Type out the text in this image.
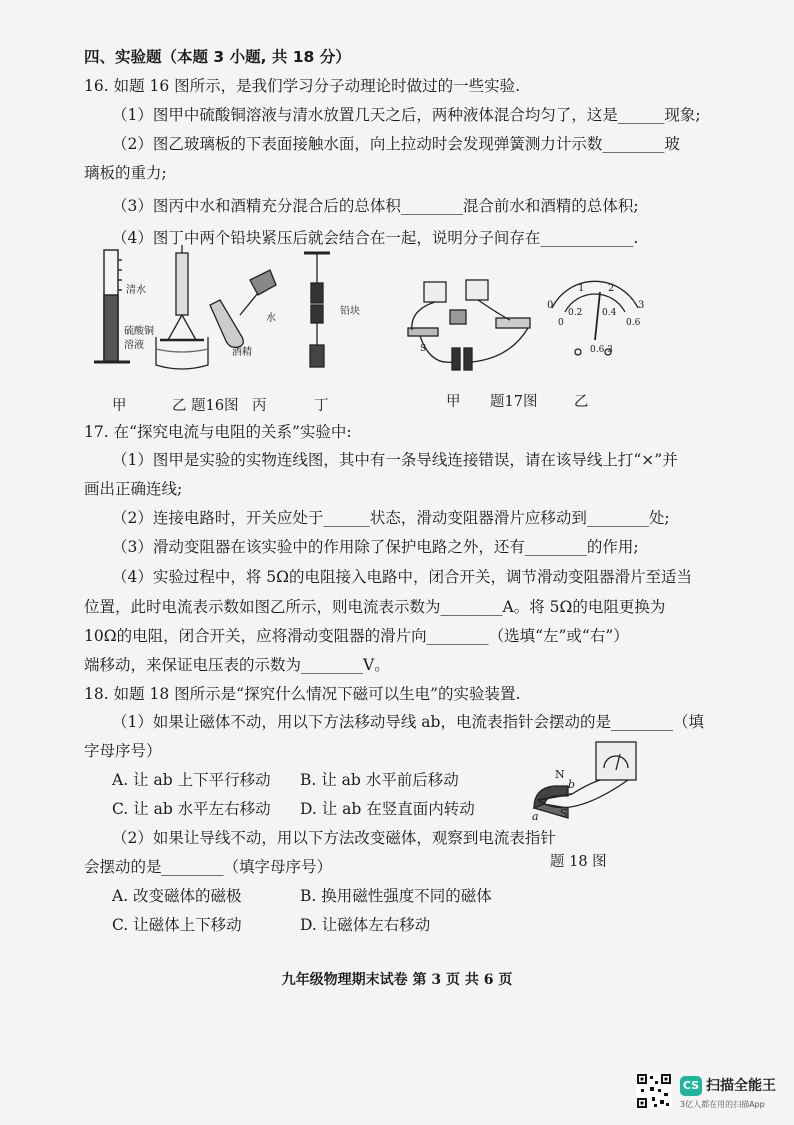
四、实验题（本题 3 小题, 共 18 分）
16. 如题 16 图所示，是我们学习分子动理论时做过的一些实验.
（1）图甲中硫酸铜溶液与清水放置几天之后，两种液体混合均匀了，这是______现象;
（2）图乙玻璃板的下表面接触水面，向上拉动时会发现弹簧测力计示数________玻
璃板的重力;
（3）图丙中水和酒精充分混合后的总体积________混合前水和酒精的总体积;
（4）图丁中两个铅块紧压后就会结合在一起，说明分子间存在____________.
清水
硫酸铜
溶液
水
酒精
铅块
0
1 2
3
0
0.2 0.4
0.6
0.6 3
S
甲	乙 题16图 丙	丁	甲 题17图	乙
17. 在“探究电流与电阻的关系”实验中:
（1）图甲是实验的实物连线图，其中有一条导线连接错误，请在该导线上打“×”并
画出正确连线;
（2）连接电路时，开关应处于______状态，滑动变阻器滑片应移动到________处;
（3）滑动变阻器在该实验中的作用除了保护电路之外，还有________的作用;
（4）实验过程中，将 5Ω的电阻接入电路中，闭合开关，调节滑动变阻器滑片至适当
位置，此时电流表示数如图乙所示，则电流表示数为________A。将 5Ω的电阻更换为
10Ω的电阻，闭合开关，应将滑动变阻器的滑片向________（选填“左”或“右”）
端移动，来保证电压表的示数为________V。
18. 如题 18 图所示是“探究什么情况下磁可以生电”的实验装置.
（1）如果让磁体不动，用以下方法移动导线 ab，电流表指针会摆动的是________（填
字母序号）
A. 让 ab 上下平行移动 B. 让 ab 水平前后移动
C. 让 ab 水平左右移动 D. 让 ab 在竖直面内转动
（2）如果让导线不动，用以下方法改变磁体，观察到电流表指针
会摆动的是________（填字母序号）
A. 改变磁体的磁极	B. 换用磁性强度不同的磁体
C. 让磁体上下移动	D. 让磁体左右移动
N
S
a
b
题 18 图
九年级物理期末试卷 第 3 页 共 6 页
CS 扫描全能王
3亿人都在用的扫描App
